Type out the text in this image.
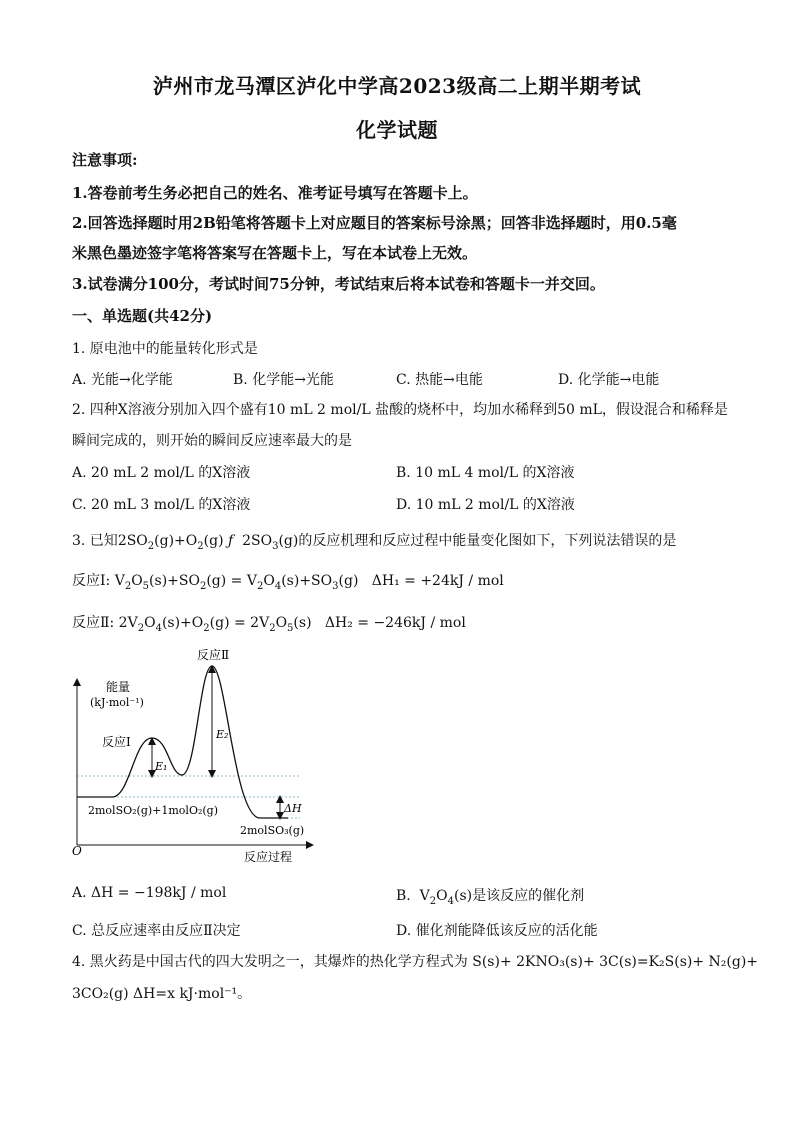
泸州市龙马潭区泸化中学高2023级高二上期半期考试
化学试题
注意事项:
1.答卷前考生务必把自己的姓名、准考证号填写在答题卡上。
2.回答选择题时用2B铅笔将答题卡上对应题目的答案标号涂黑；回答非选择题时，用0.5毫
米黑色墨迹签字笔将答案写在答题卡上，写在本试卷上无效。
3.试卷满分100分，考试时间75分钟，考试结束后将本试卷和答题卡一并交回。
一、单选题(共42分)
1. 原电池中的能量转化形式是
A. 光能→化学能	B. 化学能→光能	C. 热能→电能	D. 化学能→电能
2. 四种X溶液分别加入四个盛有10 mL 2 mol/L 盐酸的烧杯中，均加水稀释到50 mL，假设混合和稀释是
瞬间完成的，则开始的瞬间反应速率最大的是
A. 20 mL 2 mol/L 的X溶液	B. 10 mL 4 mol/L 的X溶液
C. 20 mL 3 mol/L 的X溶液	D. 10 mL 2 mol/L 的X溶液
3. 已知$2SO_2(g)+O_2(g)$ ƒ  $2SO_3(g)$的反应机理和反应过程中能量变化图如下，下列说法错误的是
反应Ⅰ: $V_2O_5(s)+SO_2(g) = V_2O_4(s)+SO_3(g) \Delta H_1 = +24kJ$ / mol
反应Ⅱ: $2V_2O_4(s)+O_2(g) = 2V_2O_5(s) \Delta H_2 = -246kJ$ / mol
O
能量
(kJ·mol⁻¹)
反应过程
E₁
E₂
ΔH
反应Ⅰ
反应Ⅱ
2molSO₂(g)+1molO₂(g)
2molSO₃(g)
A. ΔH = −198kJ / mol	B.  $V_2O_4(s)$是该反应的催化剂
C. 总反应速率由反应Ⅱ决定	D. 催化剂能降低该反应的活化能
4. 黑火药是中国古代的四大发明之一，其爆炸的热化学方程式为 S(s)+ 2KNO₃(s)+ 3C(s)=K₂S(s)+ N₂(g)+
3CO₂(g) ΔH=x kJ·mol⁻¹。
